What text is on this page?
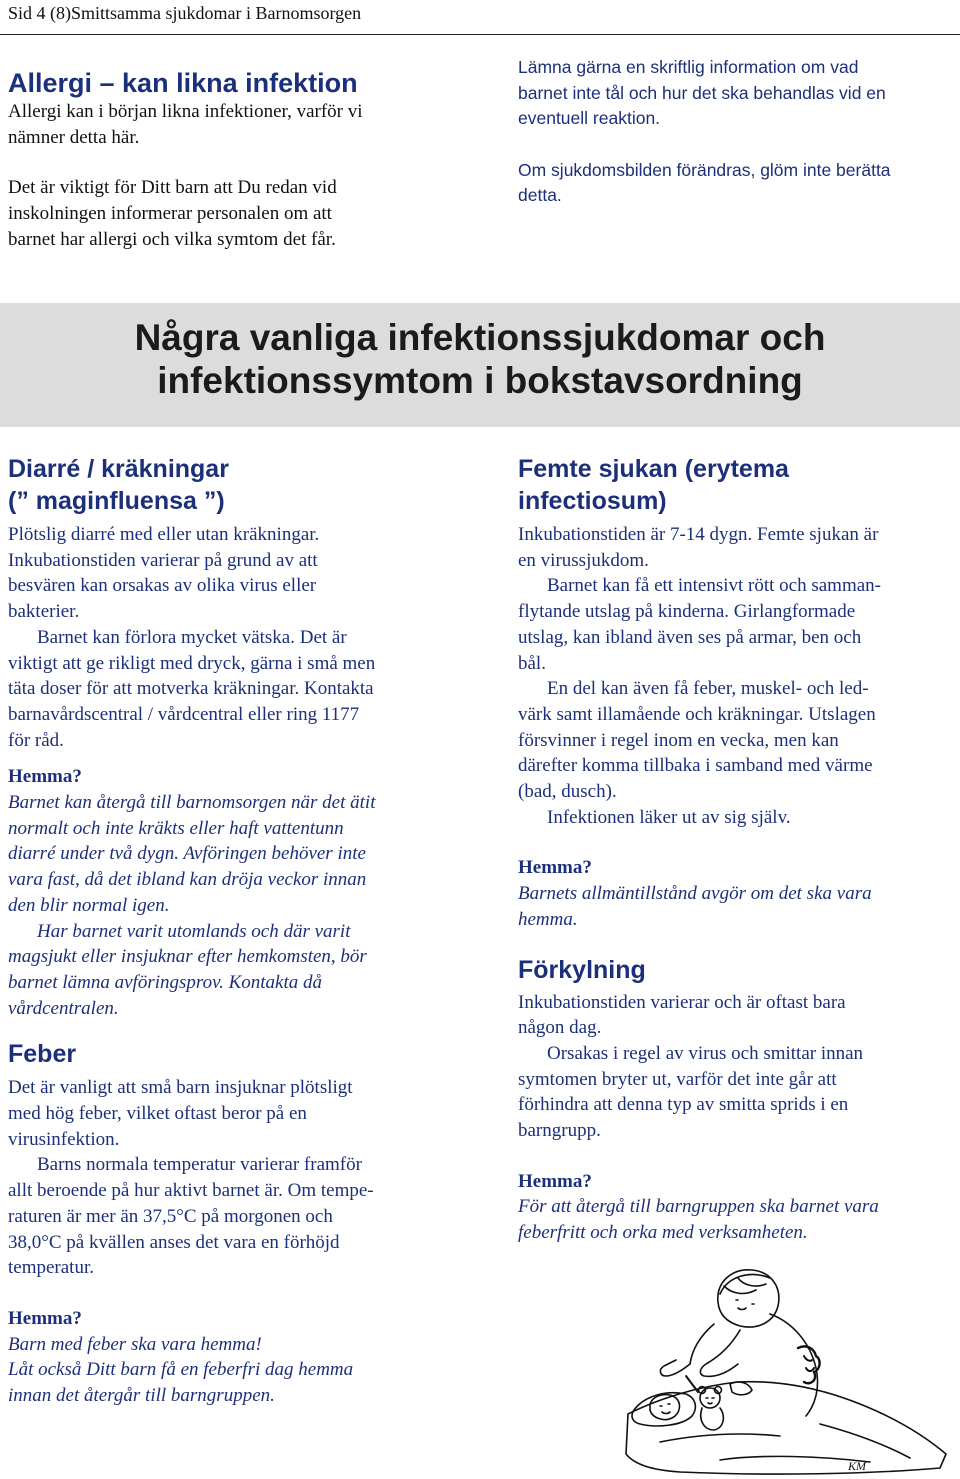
Sid 4 (8)Smittsamma sjukdomar i Barnomsorgen
Allergi – kan likna infektion

Allergi kan i början likna infektioner, varför vi
nämner detta här.

Det är viktigt för Ditt barn att Du redan vid
inskolningen informerar personalen om att
barnet har allergi och vilka symtom det får.

Lämna gärna en skriftlig information om vad
barnet inte tål och hur det ska behandlas vid en
eventuell reaktion.

Om sjukdomsbilden förändras, glöm inte berätta
detta.

Några vanliga infektionssjukdomar och
infektionssymtom i bokstavsordning
Diarré / kräkningar
(” maginfluensa ”)

Plötslig diarré med eller utan kräkningar.
Inkubationstiden varierar på grund av att
besvären kan orsakas av olika virus eller
bakterier.
Barnet kan förlora mycket vätska. Det är
viktigt att ge rikligt med dryck, gärna i små men
täta doser för att motverka kräkningar. Kontakta
barnavårdscentral / vårdcentral eller ring 1177
för råd.

Hemma?

Barnet kan återgå till barnomsorgen när det ätit
normalt och inte kräkts eller haft vattentunn
diarré under två dygn. Avföringen behöver inte
vara fast, då det ibland kan dröja veckor innan
den blir normal igen.
Har barnet varit utomlands och där varit
magsjukt eller insjuknar efter hemkomsten, bör
barnet lämna avföringsprov. Kontakta då
vårdcentralen.

Feber

Det är vanligt att små barn insjuknar plötsligt
med hög feber, vilket oftast beror på en
virusinfektion.
Barns normala temperatur varierar framför
allt beroende på hur aktivt barnet är. Om tempe-
raturen är mer än 37,5°C på morgonen och
38,0°C på kvällen anses det vara en förhöjd
temperatur.

Hemma?

Barn med feber ska vara hemma!
Låt också Ditt barn få en feberfri dag hemma
innan det återgår till barngruppen.

Femte sjukan (erytema
infectiosum)

Inkubationstiden är 7-14 dygn. Femte sjukan är
en virussjukdom.
Barnet kan få ett intensivt rött och samman-
flytande utslag på kinderna. Girlangformade
utslag, kan ibland även ses på armar, ben och
bål.
En del kan även få feber, muskel- och led-
värk samt illamående och kräkningar. Utslagen
försvinner i regel inom en vecka, men kan
därefter komma tillbaka i samband med värme
(bad, dusch).
Infektionen läker ut av sig själv.

Hemma?

Barnets allmäntillstånd avgör om det ska vara
hemma.

Förkylning

Inkubationstiden varierar och är oftast bara
någon dag.
Orsakas i regel av virus och smittar innan
symtomen bryter ut, varför det inte går att
förhindra att denna typ av smitta sprids i en
barngrupp.

Hemma?

För att återgå till barngruppen ska barnet vara
feberfritt och orka med verksamheten.

KM
